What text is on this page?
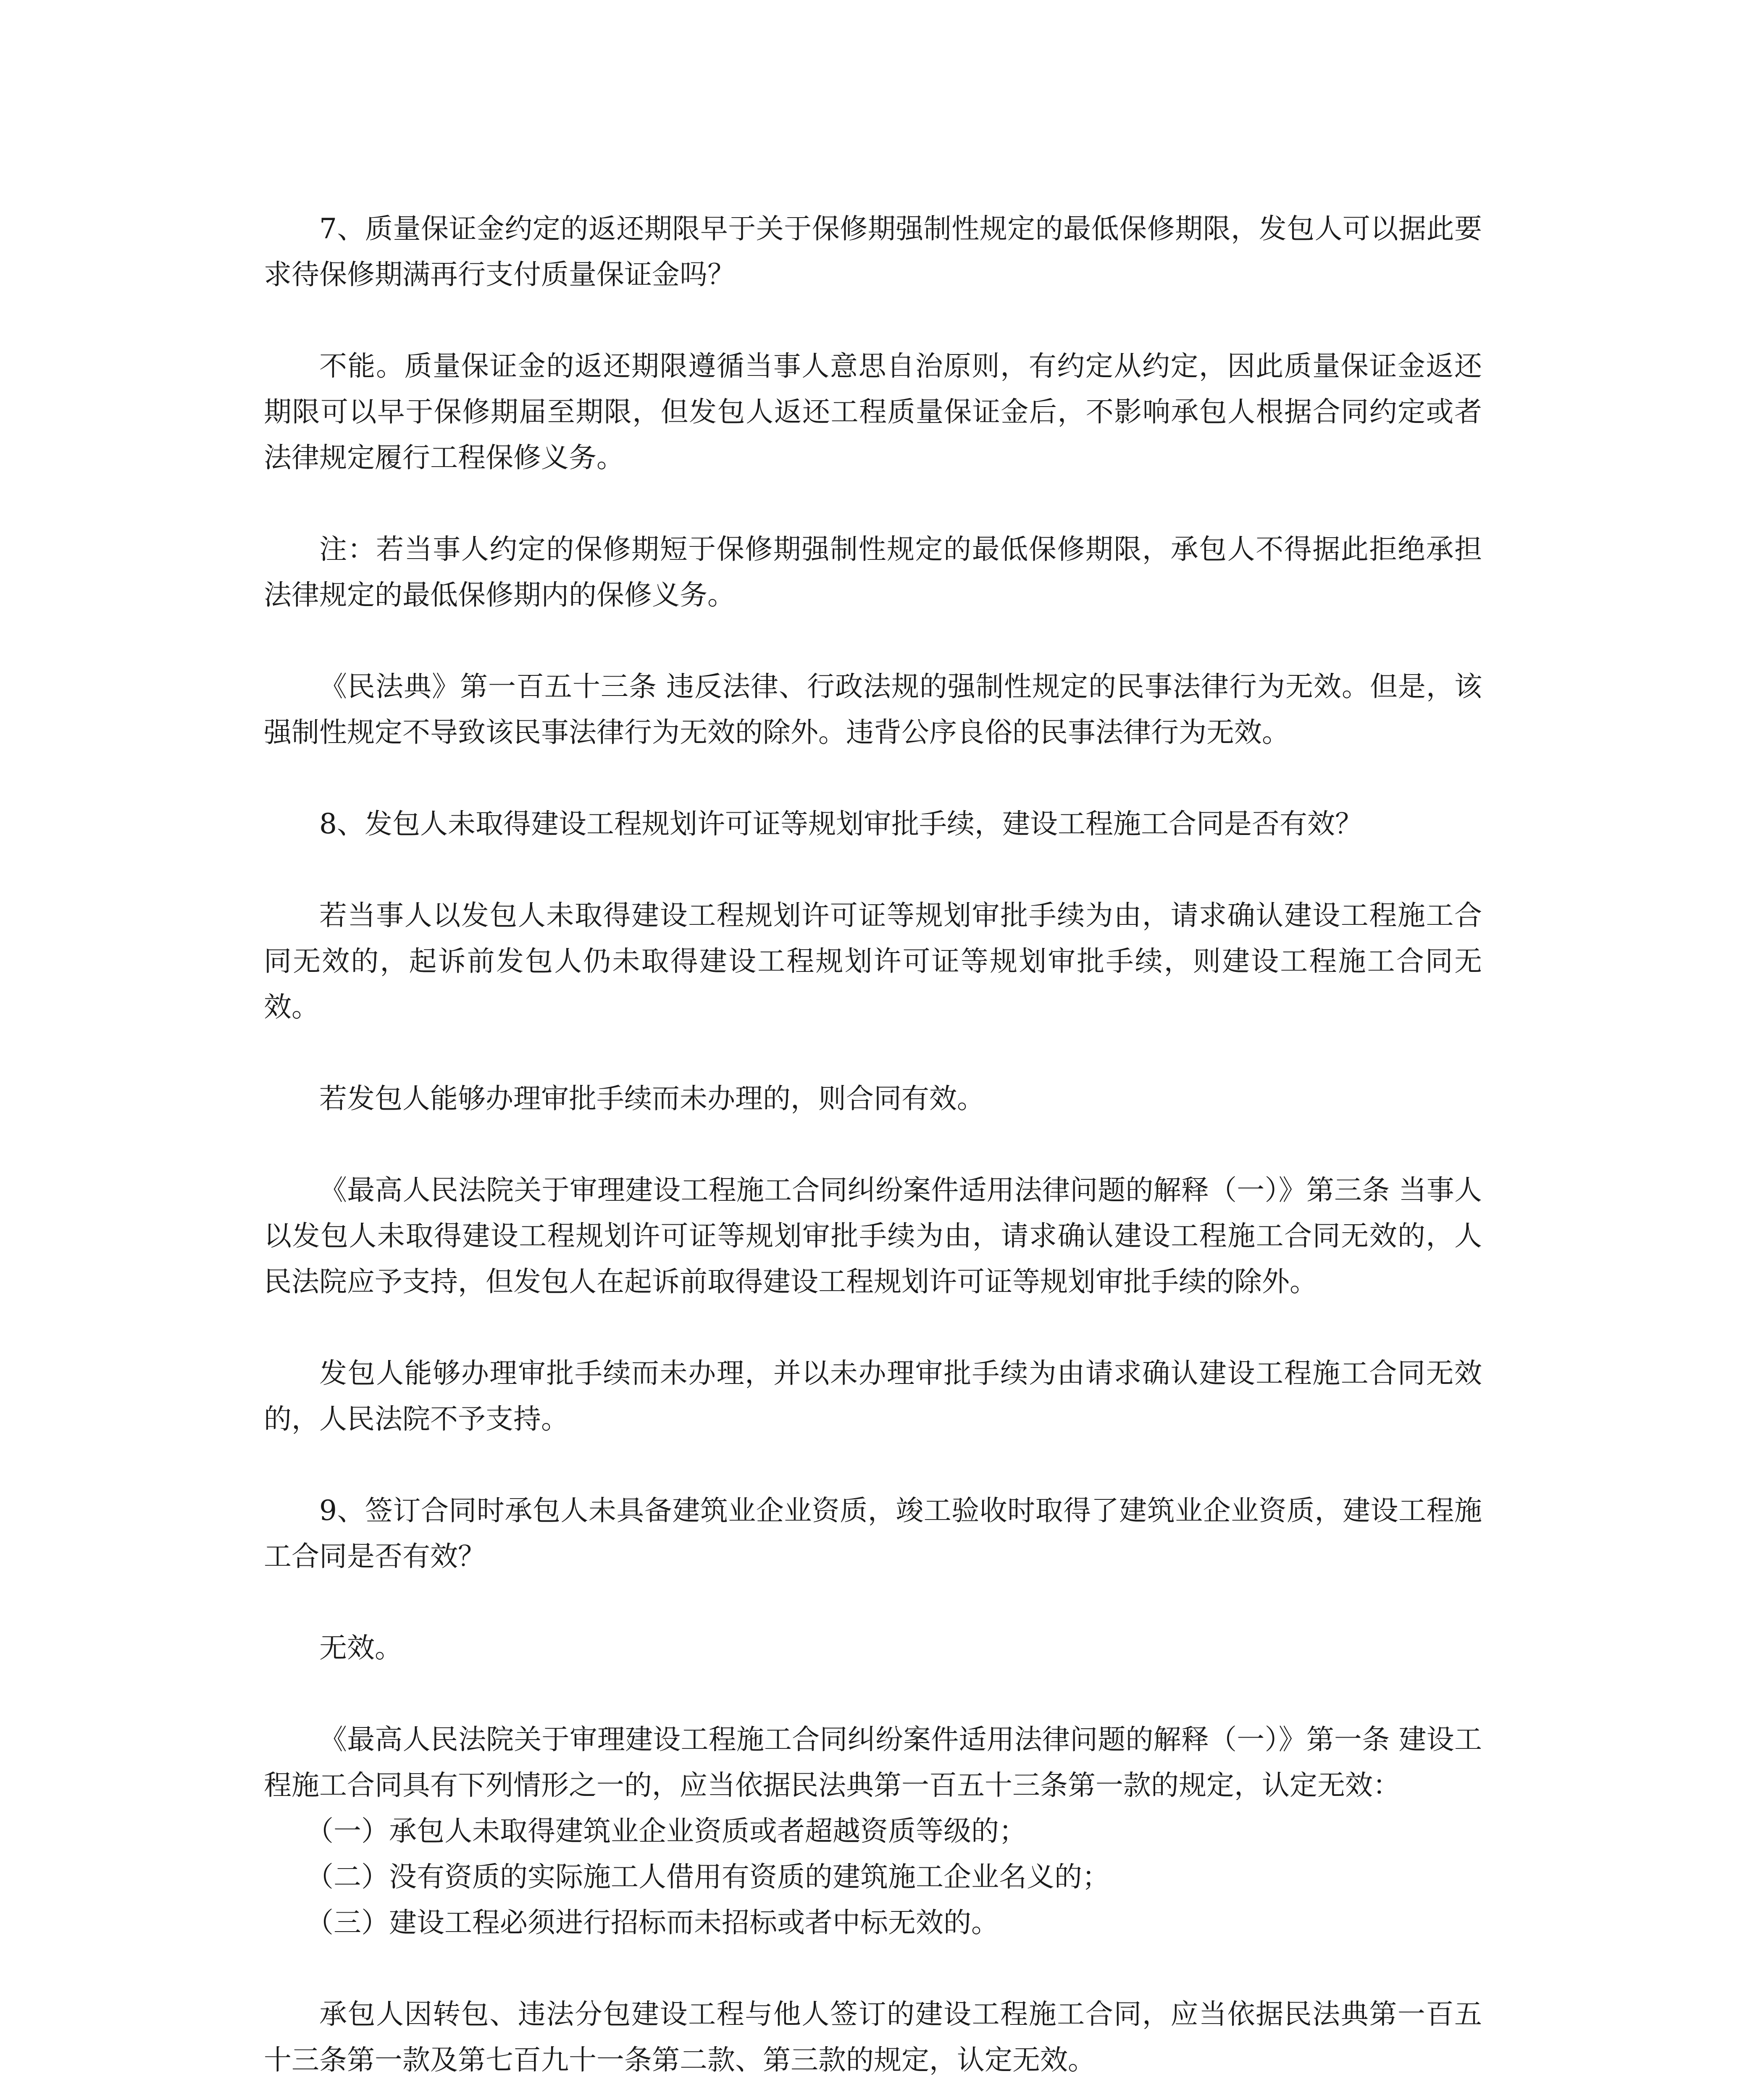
7、质量保证金约定的返还期限早于关于保修期强制性规定的最低保修期限，发包人可以据此要求待保修期满再行支付质量保证金吗？

不能。质量保证金的返还期限遵循当事人意思自治原则，有约定从约定，因此质量保证金返还期限可以早于保修期届至期限，但发包人返还工程质量保证金后，不影响承包人根据合同约定或者法律规定履行工程保修义务。

注：若当事人约定的保修期短于保修期强制性规定的最低保修期限，承包人不得据此拒绝承担法律规定的最低保修期内的保修义务。

《民法典》第一百五十三条 违反法律、行政法规的强制性规定的民事法律行为无效。但是，该强制性规定不导致该民事法律行为无效的除外。违背公序良俗的民事法律行为无效。

8、发包人未取得建设工程规划许可证等规划审批手续，建设工程施工合同是否有效？

若当事人以发包人未取得建设工程规划许可证等规划审批手续为由，请求确认建设工程施工合同无效的，起诉前发包人仍未取得建设工程规划许可证等规划审批手续，则建设工程施工合同无效。

若发包人能够办理审批手续而未办理的，则合同有效。

《最高人民法院关于审理建设工程施工合同纠纷案件适用法律问题的解释（一）》第三条 当事人以发包人未取得建设工程规划许可证等规划审批手续为由，请求确认建设工程施工合同无效的，人民法院应予支持，但发包人在起诉前取得建设工程规划许可证等规划审批手续的除外。

发包人能够办理审批手续而未办理，并以未办理审批手续为由请求确认建设工程施工合同无效的，人民法院不予支持。

9、签订合同时承包人未具备建筑业企业资质，竣工验收时取得了建筑业企业资质，建设工程施工合同是否有效？

无效。

《最高人民法院关于审理建设工程施工合同纠纷案件适用法律问题的解释（一）》第一条 建设工程施工合同具有下列情形之一的，应当依据民法典第一百五十三条第一款的规定，认定无效：

（一）承包人未取得建筑业企业资质或者超越资质等级的；

（二）没有资质的实际施工人借用有资质的建筑施工企业名义的；

（三）建设工程必须进行招标而未招标或者中标无效的。

承包人因转包、违法分包建设工程与他人签订的建设工程施工合同，应当依据民法典第一百五十三条第一款及第七百九十一条第二款、第三款的规定，认定无效。
